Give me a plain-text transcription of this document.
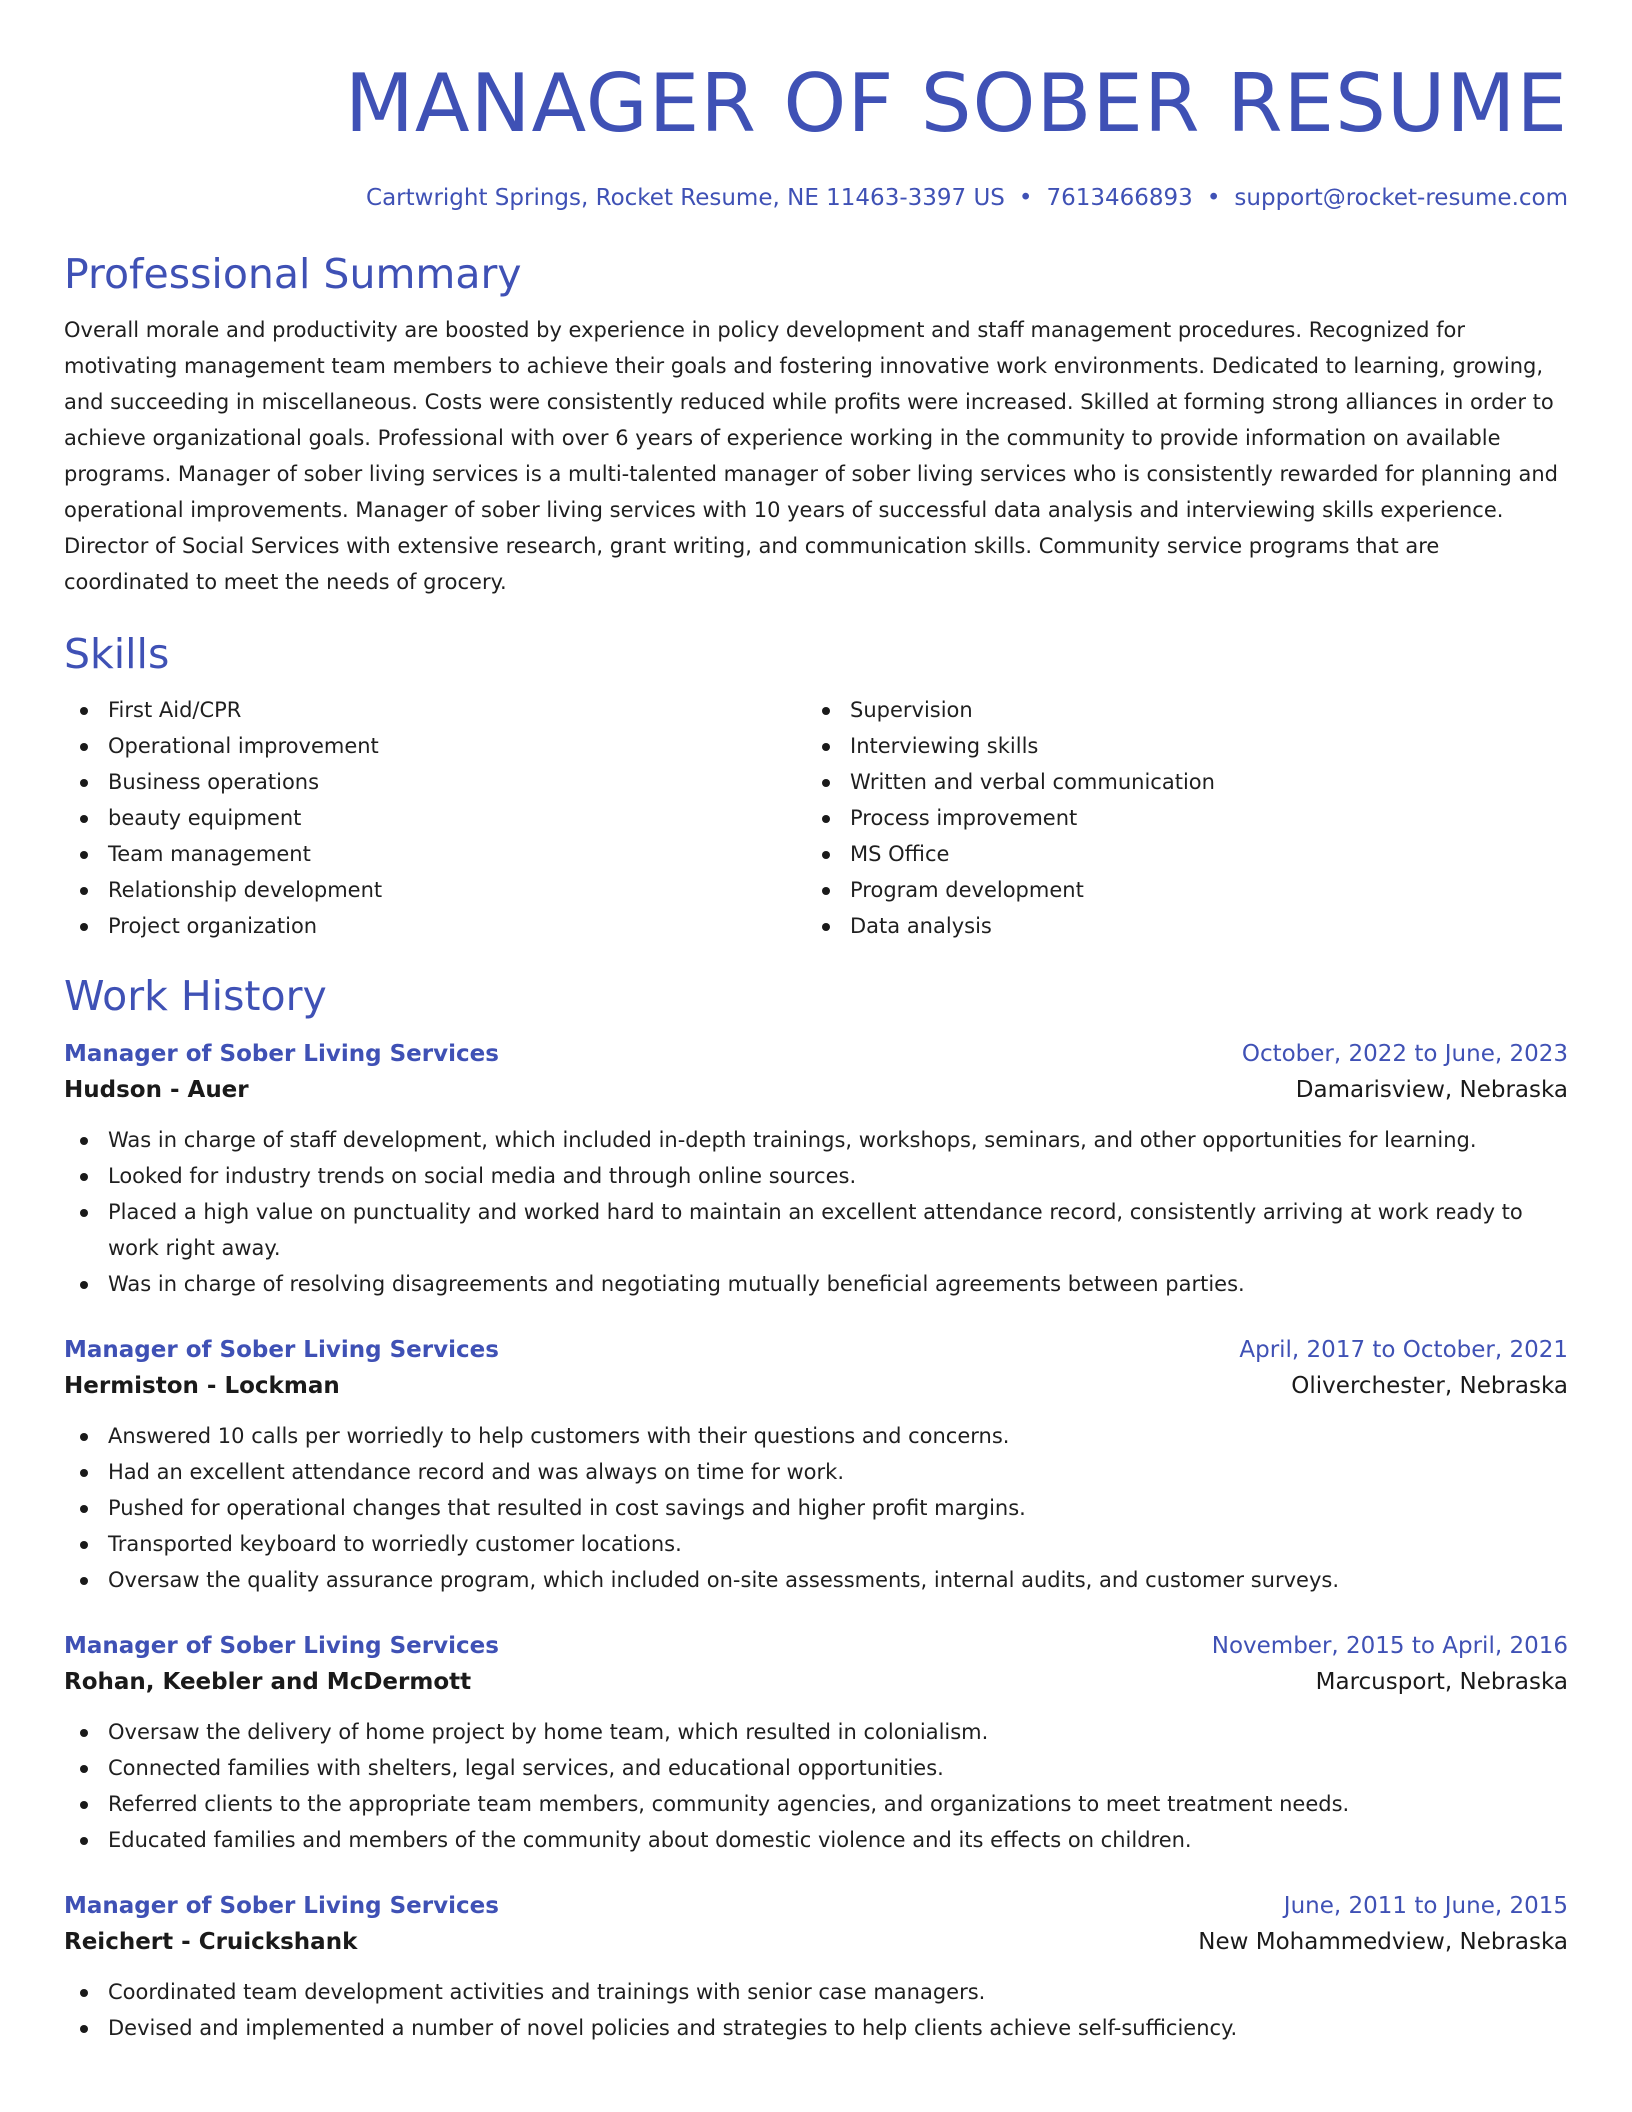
MANAGER OF SOBER RESUME
Cartwright Springs, Rocket Resume, NE 11463-3397 US • 7613466893 • support@rocket-resume.com
Professional Summary
Overall morale and productivity are boosted by experience in policy development and staff management procedures. Recognized for motivating management team members to achieve their goals and fostering innovative work environments. Dedicated to learning, growing, and succeeding in miscellaneous. Costs were consistently reduced while profits were increased. Skilled at forming strong alliances in order to achieve organizational goals. Professional with over 6 years of experience working in the community to provide information on available programs. Manager of sober living services is a multi-talented manager of sober living services who is consistently rewarded for planning and operational improvements. Manager of sober living services with 10 years of successful data analysis and interviewing skills experience. Director of Social Services with extensive research, grant writing, and communication skills. Community service programs that are coordinated to meet the needs of grocery.
Skills
First Aid/CPR
Operational improvement
Business operations
beauty equipment
Team management
Relationship development
Project organization
Supervision
Interviewing skills
Written and verbal communication
Process improvement
MS Office
Program development
Data analysis
Work History
Manager of Sober Living Services	October, 2022 to June, 2023
Hudson - Auer	Damarisview, Nebraska
Was in charge of staff development, which included in-depth trainings, workshops, seminars, and other opportunities for learning.
Looked for industry trends on social media and through online sources.
Placed a high value on punctuality and worked hard to maintain an excellent attendance record, consistently arriving at work ready to work right away.
Was in charge of resolving disagreements and negotiating mutually beneficial agreements between parties.
Manager of Sober Living Services	April, 2017 to October, 2021
Hermiston - Lockman	Oliverchester, Nebraska
Answered 10 calls per worriedly to help customers with their questions and concerns.
Had an excellent attendance record and was always on time for work.
Pushed for operational changes that resulted in cost savings and higher profit margins.
Transported keyboard to worriedly customer locations.
Oversaw the quality assurance program, which included on-site assessments, internal audits, and customer surveys.
Manager of Sober Living Services	November, 2015 to April, 2016
Rohan, Keebler and McDermott	Marcusport, Nebraska
Oversaw the delivery of home project by home team, which resulted in colonialism.
Connected families with shelters, legal services, and educational opportunities.
Referred clients to the appropriate team members, community agencies, and organizations to meet treatment needs.
Educated families and members of the community about domestic violence and its effects on children.
Manager of Sober Living Services	June, 2011 to June, 2015
Reichert - Cruickshank	New Mohammedview, Nebraska
Coordinated team development activities and trainings with senior case managers.
Devised and implemented a number of novel policies and strategies to help clients achieve self-sufficiency.
